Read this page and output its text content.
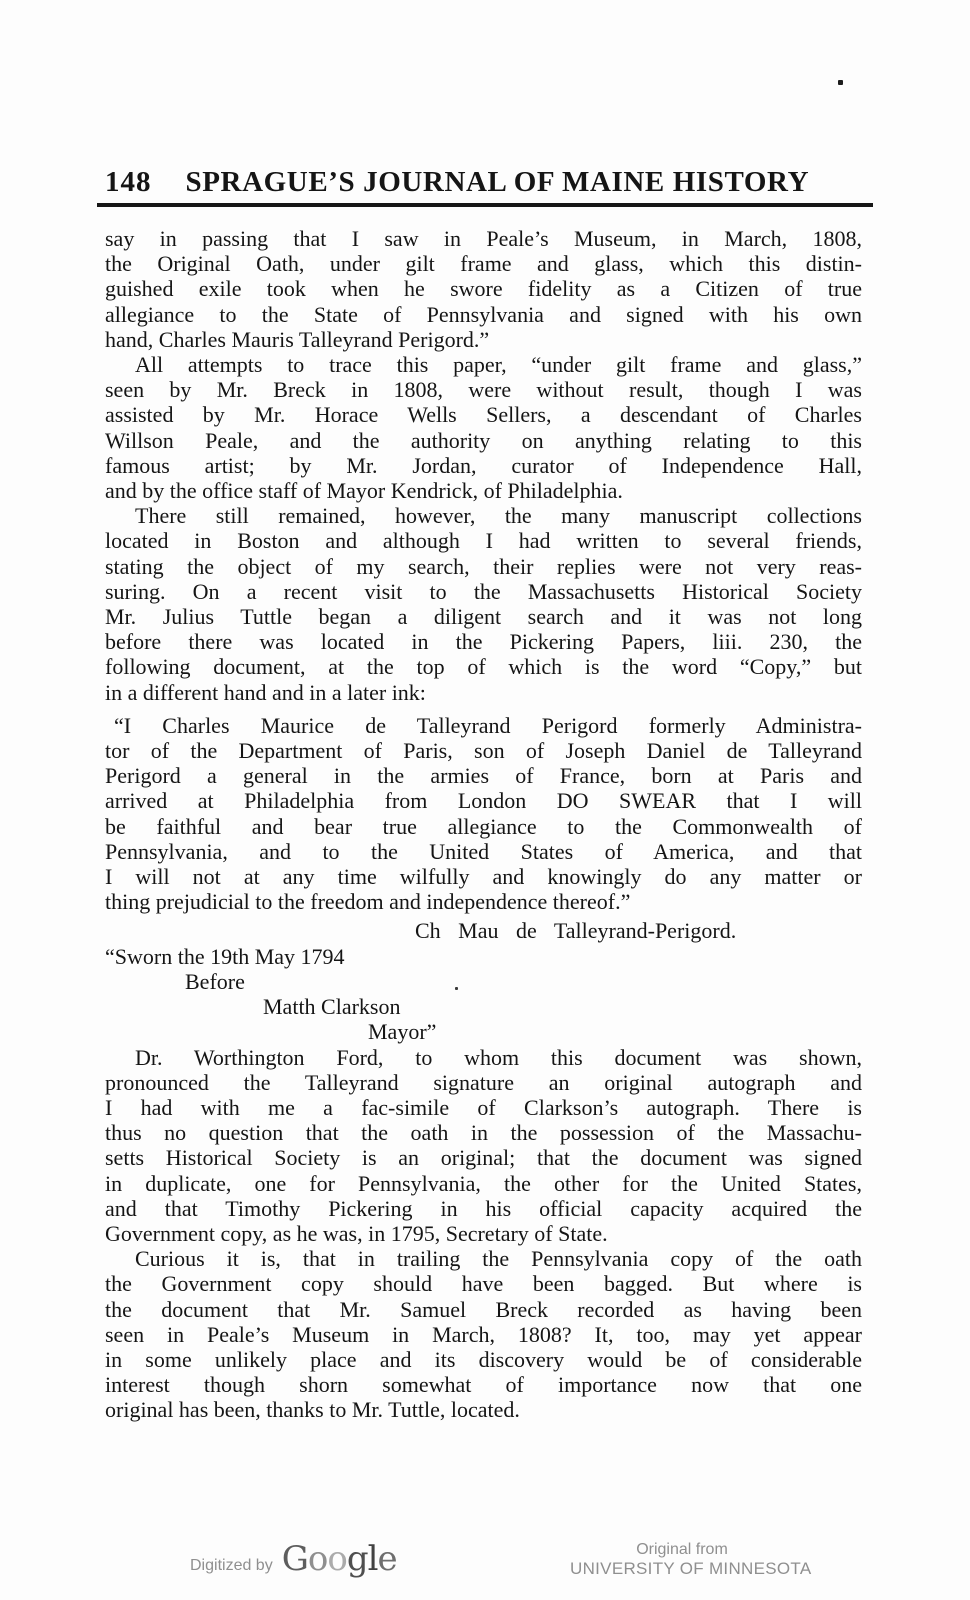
148 SPRAGUE’S JOURNAL OF MAINE HISTORY
say in passing that I saw in Peale’s Museum, in March, 1808,
the Original Oath, under gilt frame and glass, which this distin-
guished exile took when he swore fidelity as a Citizen of true
allegiance to the State of Pennsylvania and signed with his own
hand, Charles Mauris Talleyrand Perigord.”
All attempts to trace this paper, “under gilt frame and glass,”
seen by Mr. Breck in 1808, were without result, though I was
assisted by Mr. Horace Wells Sellers, a descendant of Charles
Willson Peale, and the authority on anything relating to this
famous artist; by Mr. Jordan, curator of Independence Hall,
and by the office staff of Mayor Kendrick, of Philadelphia.
There still remained, however, the many manuscript collections
located in Boston and although I had written to several friends,
stating the object of my search, their replies were not very reas-
suring. On a recent visit to the Massachusetts Historical Society
Mr. Julius Tuttle began a diligent search and it was not long
before there was located in the Pickering Papers, liii. 230, the
following document, at the top of which is the word “Copy,” but
in a different hand and in a later ink:
“I Charles Maurice de Talleyrand Perigord formerly Administra-
tor of the Department of Paris, son of Joseph Daniel de Talleyrand
Perigord a general in the armies of France, born at Paris and
arrived at Philadelphia from London DO SWEAR that I will
be faithful and bear true allegiance to the Commonwealth of
Pennsylvania, and to the United States of America, and that
I will not at any time wilfully and knowingly do any matter or
thing prejudicial to the freedom and independence thereof.”
Ch Mau de Talleyrand-Perigord.
“Sworn the 19th May 1794
Before
Matth Clarkson
Mayor”
Dr. Worthington Ford, to whom this document was shown,
pronounced the Talleyrand signature an original autograph and
I had with me a fac-simile of Clarkson’s autograph. There is
thus no question that the oath in the possession of the Massachu-
setts Historical Society is an original; that the document was signed
in duplicate, one for Pennsylvania, the other for the United States,
and that Timothy Pickering in his official capacity acquired the
Government copy, as he was, in 1795, Secretary of State.
Curious it is, that in trailing the Pennsylvania copy of the oath
the Government copy should have been bagged. But where is
the document that Mr. Samuel Breck recorded as having been
seen in Peale’s Museum in March, 1808? It, too, may yet appear
in some unlikely place and its discovery would be of considerable
interest though shorn somewhat of importance now that one
original has been, thanks to Mr. Tuttle, located.
Digitized by Google	Original from
UNIVERSITY OF MINNESOTA
